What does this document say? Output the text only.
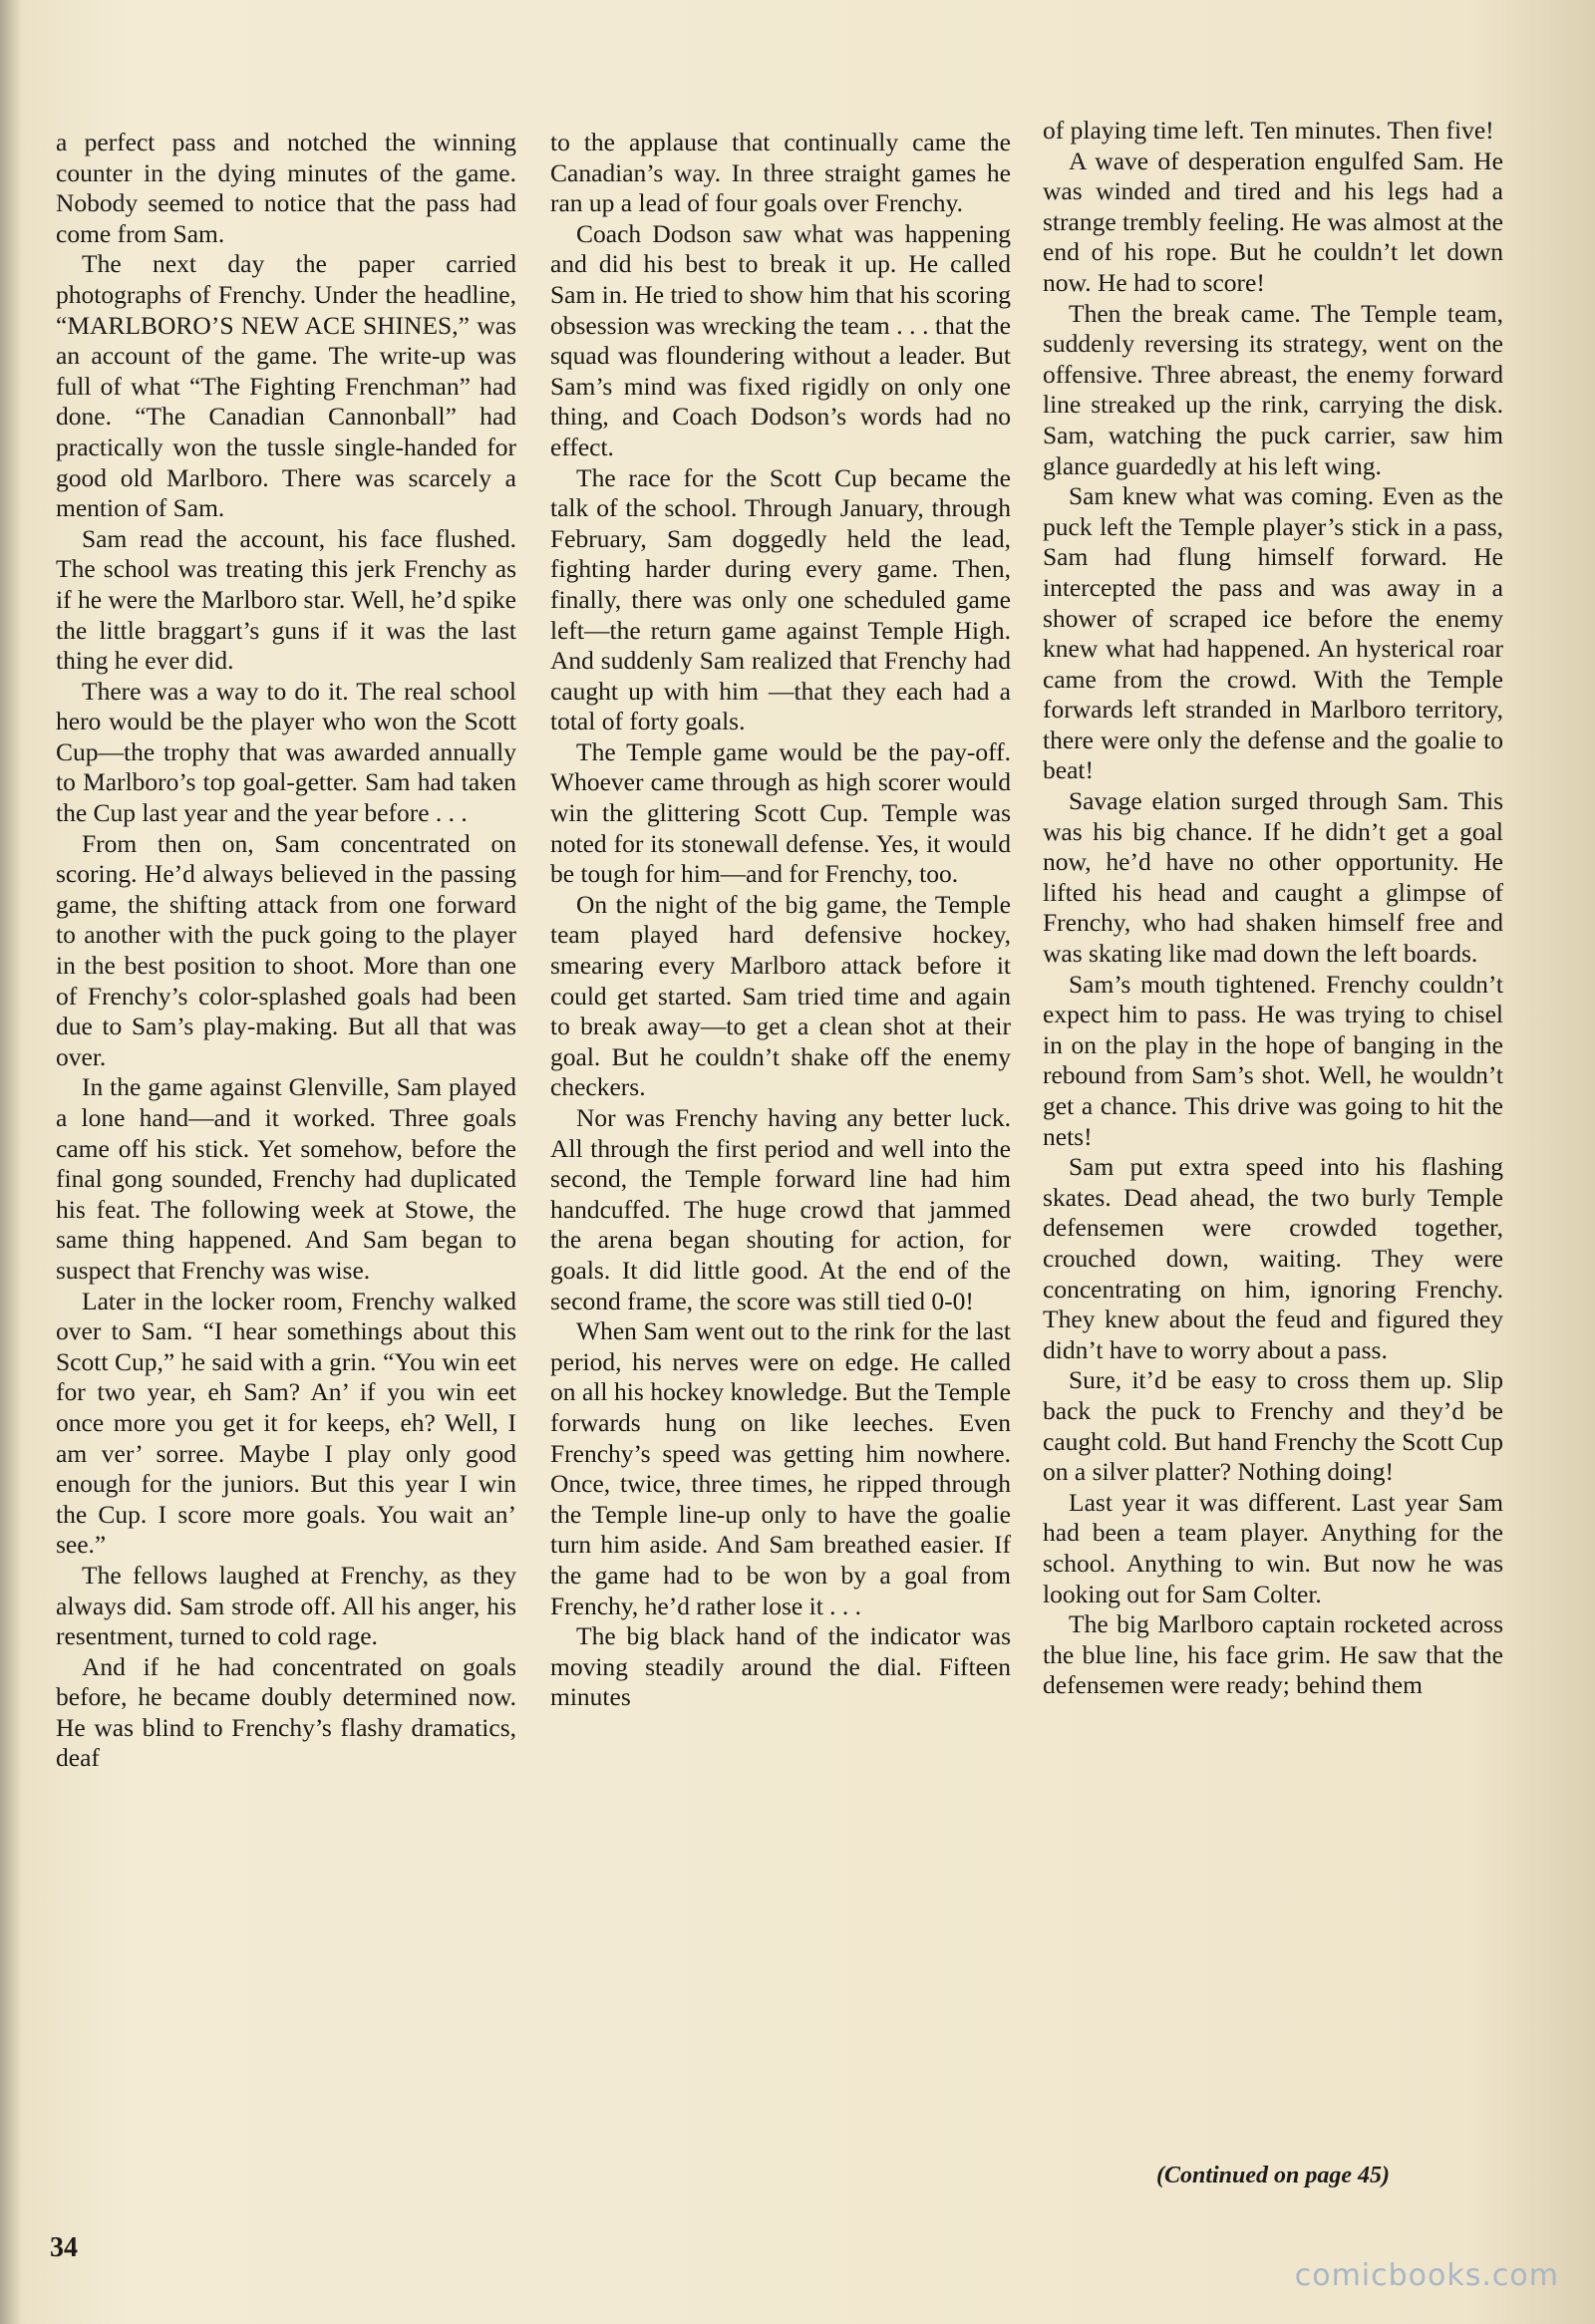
a perfect pass and notched the winning counter in the dying minutes of the game. Nobody seemed to notice that the pass had come from Sam.

The next day the paper carried photographs of Frenchy. Under the headline, “MARLBORO’S NEW ACE SHINES,” was an account of the game. The write-up was full of what “The Fighting Frenchman” had done. “The Canadian Cannonball” had practically won the tussle single-handed for good old Marlboro. There was scarcely a mention of Sam.

Sam read the account, his face flushed. The school was treating this jerk Frenchy as if he were the Marlboro star. Well, he’d spike the little braggart’s guns if it was the last thing he ever did.

There was a way to do it. The real school hero would be the player who won the Scott Cup—the trophy that was awarded annually to Marlboro’s top goal-getter. Sam had taken the Cup last year and the year before . . .

From then on, Sam concentrated on scoring. He’d always believed in the passing game, the shifting attack from one forward to another with the puck going to the player in the best position to shoot. More than one of Frenchy’s color-splashed goals had been due to Sam’s play-making. But all that was over.

In the game against Glenville, Sam played a lone hand—and it worked. Three goals came off his stick. Yet somehow, before the final gong sounded, Frenchy had duplicated his feat. The following week at Stowe, the same thing happened. And Sam began to suspect that Frenchy was wise.

Later in the locker room, Frenchy walked over to Sam. “I hear somethings about this Scott Cup,” he said with a grin. “You win eet for two year, eh Sam? An’ if you win eet once more you get it for keeps, eh? Well, I am ver’ sorree. Maybe I play only good enough for the juniors. But this year I win the Cup. I score more goals. You wait an’ see.”

The fellows laughed at Frenchy, as they always did. Sam strode off. All his anger, his resentment, turned to cold rage.

And if he had concentrated on goals before, he became doubly determined now. He was blind to Frenchy’s flashy dramatics, deaf

to the applause that continually came the Canadian’s way. In three straight games he ran up a lead of four goals over Frenchy.

Coach Dodson saw what was happening and did his best to break it up. He called Sam in. He tried to show him that his scoring obsession was wrecking the team . . . that the squad was floundering without a leader. But Sam’s mind was fixed rigidly on only one thing, and Coach Dodson’s words had no effect.

The race for the Scott Cup became the talk of the school. Through January, through February, Sam doggedly held the lead, fighting harder during every game. Then, finally, there was only one scheduled game left—the return game against Temple High. And suddenly Sam realized that Frenchy had caught up with him —that they each had a total of forty goals.

The Temple game would be the pay-off. Whoever came through as high scorer would win the glittering Scott Cup. Temple was noted for its stonewall defense. Yes, it would be tough for him—and for Frenchy, too.

On the night of the big game, the Temple team played hard defensive hockey, smearing every Marlboro attack before it could get started. Sam tried time and again to break away—to get a clean shot at their goal. But he couldn’t shake off the enemy checkers.

Nor was Frenchy having any better luck. All through the first period and well into the second, the Temple forward line had him handcuffed. The huge crowd that jammed the arena began shouting for action, for goals. It did little good. At the end of the second frame, the score was still tied 0-0!

When Sam went out to the rink for the last period, his nerves were on edge. He called on all his hockey knowledge. But the Temple forwards hung on like leeches. Even Frenchy’s speed was getting him nowhere. Once, twice, three times, he ripped through the Temple line-up only to have the goalie turn him aside. And Sam breathed easier. If the game had to be won by a goal from Frenchy, he’d rather lose it . . .

The big black hand of the indicator was moving steadily around the dial. Fifteen minutes

of playing time left. Ten minutes. Then five!

A wave of desperation engulfed Sam. He was winded and tired and his legs had a strange trembly feeling. He was almost at the end of his rope. But he couldn’t let down now. He had to score!

Then the break came. The Temple team, suddenly reversing its strategy, went on the offensive. Three abreast, the enemy forward line streaked up the rink, carrying the disk. Sam, watching the puck carrier, saw him glance guardedly at his left wing.

Sam knew what was coming. Even as the puck left the Temple player’s stick in a pass, Sam had flung himself forward. He intercepted the pass and was away in a shower of scraped ice before the enemy knew what had happened. An hysterical roar came from the crowd. With the Temple forwards left stranded in Marlboro territory, there were only the defense and the goalie to beat!

Savage elation surged through Sam. This was his big chance. If he didn’t get a goal now, he’d have no other opportunity. He lifted his head and caught a glimpse of Frenchy, who had shaken himself free and was skating like mad down the left boards.

Sam’s mouth tightened. Frenchy couldn’t expect him to pass. He was trying to chisel in on the play in the hope of banging in the rebound from Sam’s shot. Well, he wouldn’t get a chance. This drive was going to hit the nets!

Sam put extra speed into his flashing skates. Dead ahead, the two burly Temple defensemen were crowded together, crouched down, waiting. They were concentrating on him, ignoring Frenchy. They knew about the feud and figured they didn’t have to worry about a pass.

Sure, it’d be easy to cross them up. Slip back the puck to Frenchy and they’d be caught cold. But hand Frenchy the Scott Cup on a silver platter? Nothing doing!

Last year it was different. Last year Sam had been a team player. Anything for the school. Anything to win. But now he was looking out for Sam Colter.

The big Marlboro captain rocketed across the blue line, his face grim. He saw that the defensemen were ready; behind them

(Continued on page 45)
34
comicbooks.com
